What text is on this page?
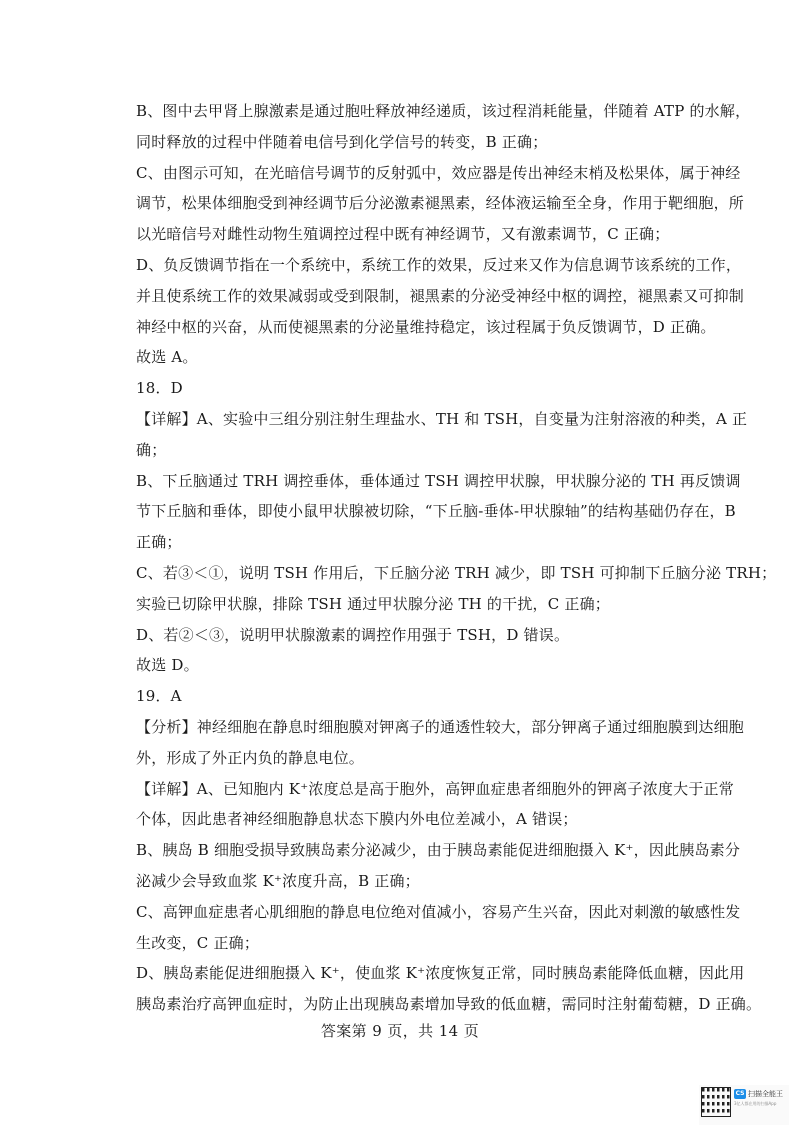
B、图中去甲肾上腺激素是通过胞吐释放神经递质，该过程消耗能量，伴随着 ATP 的水解，
同时释放的过程中伴随着电信号到化学信号的转变，B 正确；
C、由图示可知，在光暗信号调节的反射弧中，效应器是传出神经末梢及松果体，属于神经
调节，松果体细胞受到神经调节后分泌激素褪黑素，经体液运输至全身，作用于靶细胞，所
以光暗信号对雌性动物生殖调控过程中既有神经调节，又有激素调节，C 正确；
D、负反馈调节指在一个系统中，系统工作的效果，反过来又作为信息调节该系统的工作，
并且使系统工作的效果减弱或受到限制，褪黑素的分泌受神经中枢的调控，褪黑素又可抑制
神经中枢的兴奋，从而使褪黑素的分泌量维持稳定，该过程属于负反馈调节，D 正确。
故选 A。
18．D
【详解】A、实验中三组分别注射生理盐水、TH 和 TSH，自变量为注射溶液的种类，A 正
确；
B、下丘脑通过 TRH 调控垂体，垂体通过 TSH 调控甲状腺，甲状腺分泌的 TH 再反馈调
节下丘脑和垂体，即使小鼠甲状腺被切除，“下丘脑-垂体-甲状腺轴”的结构基础仍存在，B
正确；
C、若③＜①，说明 TSH 作用后，下丘脑分泌 TRH 减少，即 TSH 可抑制下丘脑分泌 TRH；
实验已切除甲状腺，排除 TSH 通过甲状腺分泌 TH 的干扰，C 正确；
D、若②＜③，说明甲状腺激素的调控作用强于 TSH，D 错误。
故选 D。
19．A
【分析】神经细胞在静息时细胞膜对钾离子的通透性较大，部分钾离子通过细胞膜到达细胞
外，形成了外正内负的静息电位。
【详解】A、已知胞内 K⁺浓度总是高于胞外，高钾血症患者细胞外的钾离子浓度大于正常
个体，因此患者神经细胞静息状态下膜内外电位差减小，A 错误；
B、胰岛 B 细胞受损导致胰岛素分泌减少，由于胰岛素能促进细胞摄入 K⁺，因此胰岛素分
泌减少会导致血浆 K⁺浓度升高，B 正确；
C、高钾血症患者心肌细胞的静息电位绝对值减小，容易产生兴奋，因此对刺激的敏感性发
生改变，C 正确；
D、胰岛素能促进细胞摄入 K⁺，使血浆 K⁺浓度恢复正常，同时胰岛素能降低血糖，因此用
胰岛素治疗高钾血症时，为防止出现胰岛素增加导致的低血糖，需同时注射葡萄糖，D 正确。
答案第 9 页，共 14 页
CS 扫描全能王
3亿人都在用的扫描App
